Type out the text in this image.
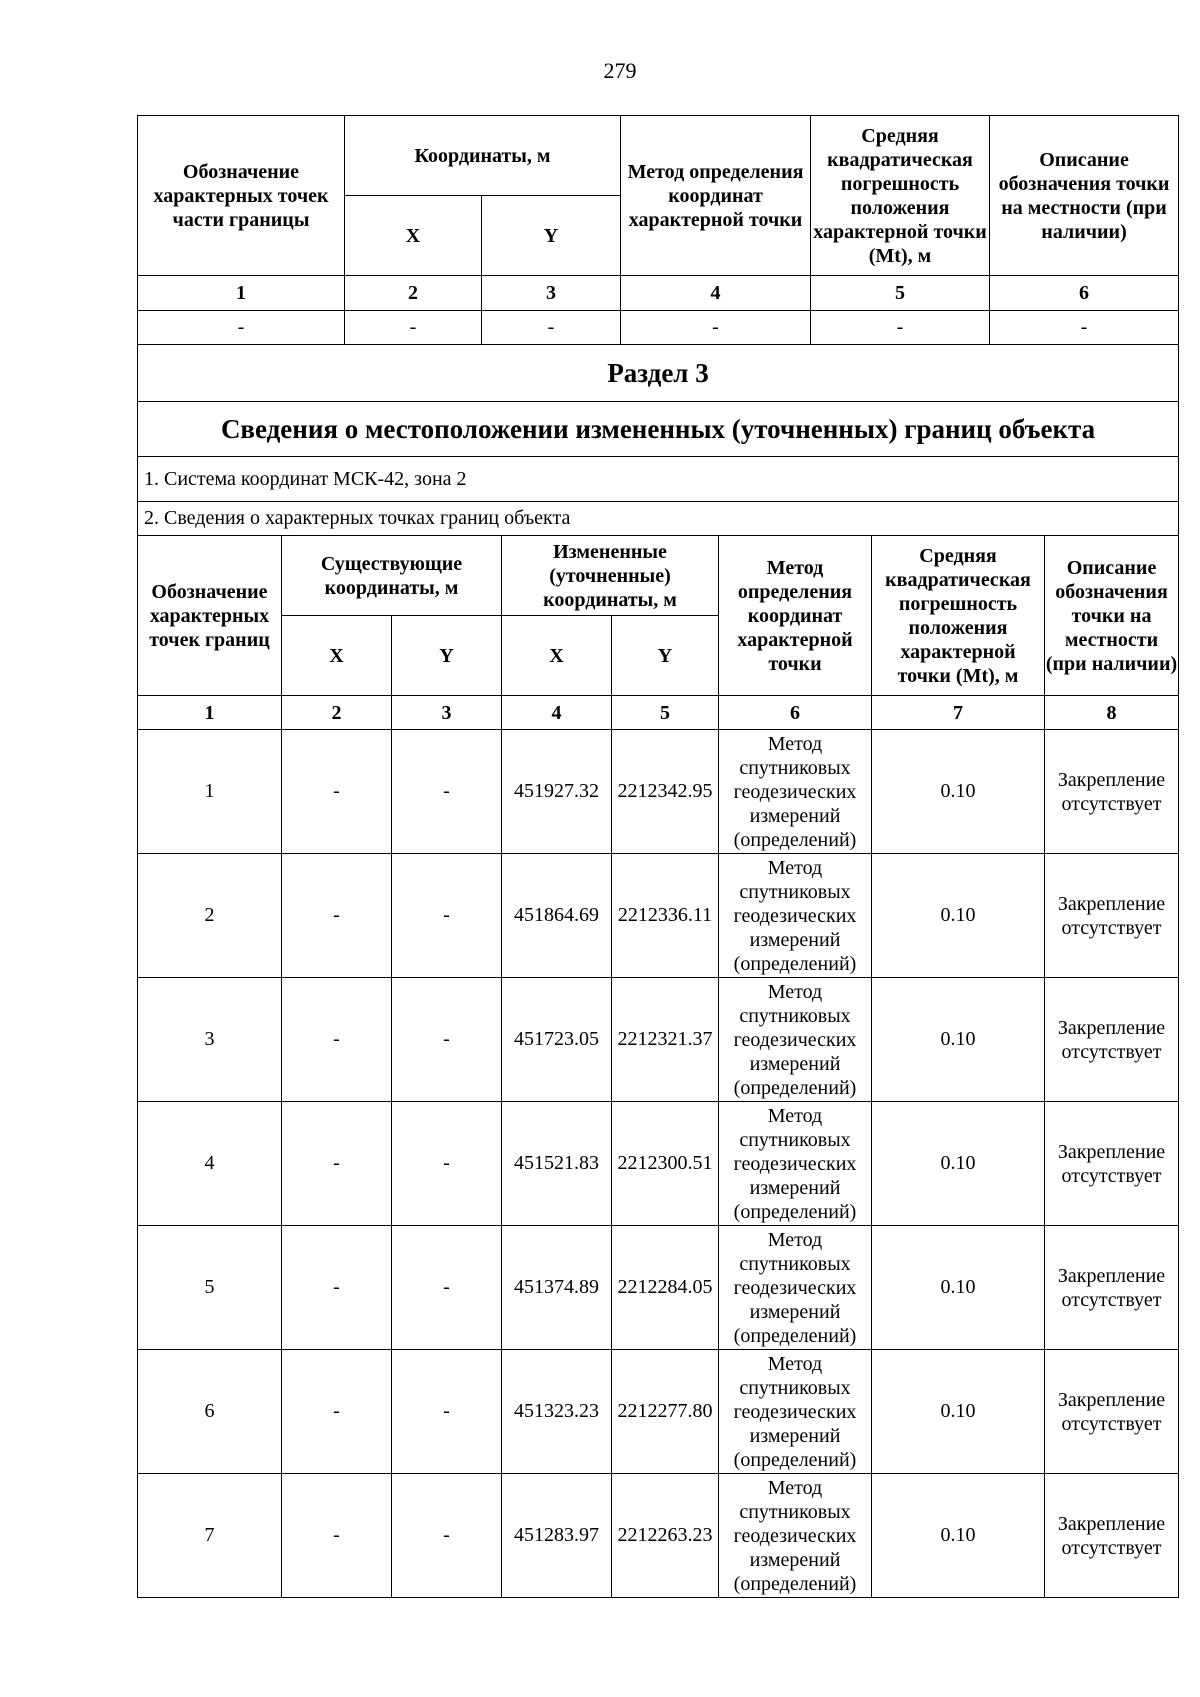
279
Обозначение характерных точек части границы	Координаты, м		Метод определения координат характерной точки	Средняя квадратическая погрешность положения характерной точки (Mt), м	Описание обозначения точки на местности (при наличии)
	X	Y			
1	2	3	4	5	6
-	-	-	-	-	-
Раздел 3							
Сведения о местоположении измененных (уточненных) границ объекта							
1. Система координат МСК-42, зона 2							
2. Сведения о характерных точках границ объекта							
Обозначение характерных точек границ	Существующие координаты, м		Измененные (уточненные) координаты, м		Метод определения координат характерной точки	Средняя квадратическая погрешность положения характерной точки (Mt), м	Описание обозначения точки на местности (при наличии)
	X	Y	X	Y			
1	2	3	4	5	6	7	8
1	-	-	451927.32	2212342.95	Метод спутниковых геодезических измерений (определений)	0.10	Закрепление отсутствует
2	-	-	451864.69	2212336.11	Метод спутниковых геодезических измерений (определений)	0.10	Закрепление отсутствует
3	-	-	451723.05	2212321.37	Метод спутниковых геодезических измерений (определений)	0.10	Закрепление отсутствует
4	-	-	451521.83	2212300.51	Метод спутниковых геодезических измерений (определений)	0.10	Закрепление отсутствует
5	-	-	451374.89	2212284.05	Метод спутниковых геодезических измерений (определений)	0.10	Закрепление отсутствует
6	-	-	451323.23	2212277.80	Метод спутниковых геодезических измерений (определений)	0.10	Закрепление отсутствует
7	-	-	451283.97	2212263.23	Метод спутниковых геодезических измерений (определений)	0.10	Закрепление отсутствует
